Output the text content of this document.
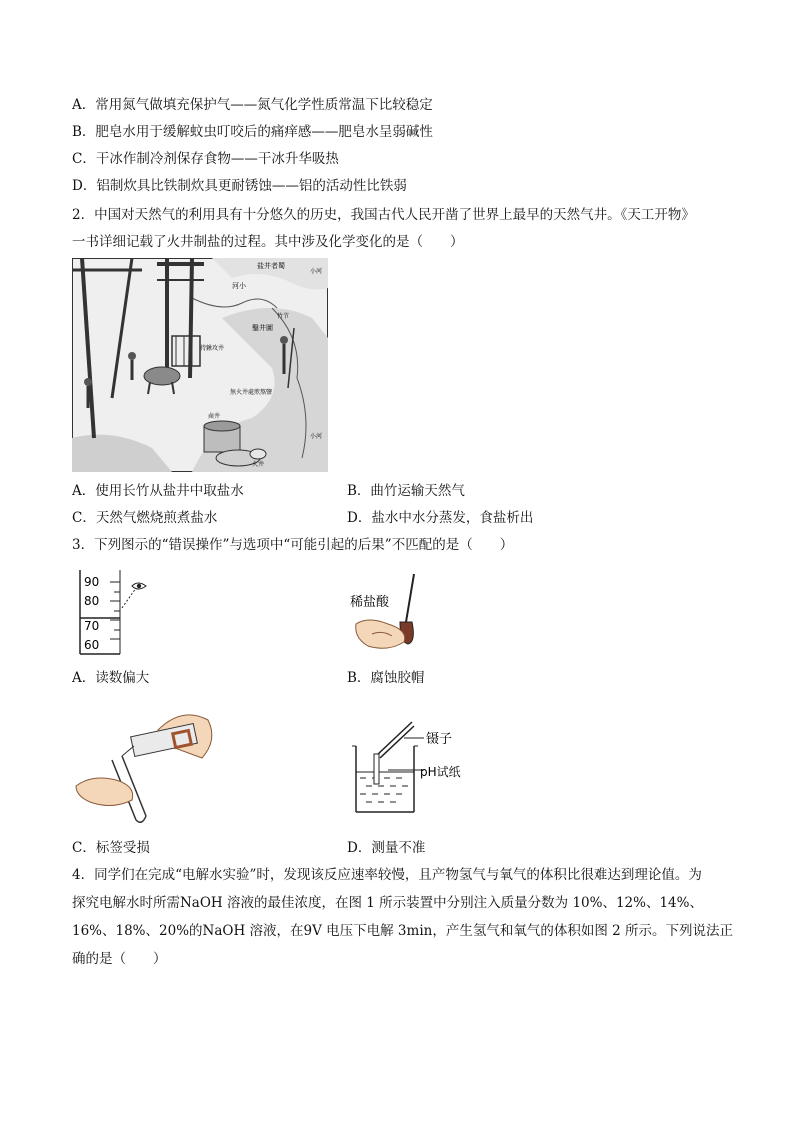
A．常用氮气做填充保护气——氮气化学性质常温下比较稳定
B．肥皂水用于缓解蚊虫叮咬后的痛痒感——肥皂水呈弱碱性
C．干冰作制冷剂保存食物——干冰升华吸热
D．铝制炊具比铁制炊具更耐锈蚀——铝的活动性比铁弱
2．中国对天然气的利用具有十分悠久的历史，我国古代人民开凿了世界上最早的天然气井。《天工开物》
一书详细记载了火井制盐的过程。其中涉及化学变化的是（　　）
盐井者蜀
河小
小河
小河
竹节
鑿井圖
持鍬攻井
無火井處煎熬鹽
鹵井
火井
A．使用长竹从盐井中取盐水	B．曲竹运输天然气
C．天然气燃烧煎煮盐水	D．盐水中水分蒸发，食盐析出
3．下列图示的“错误操作”与选项中“可能引起的后果”不匹配的是（　　）
90
80
70
60
稀盐酸
A．读数偏大	B．腐蚀胶帽
镊子
pH试纸
C．标签受损	D．测量不准
4．同学们在完成“电解水实验”时，发现该反应速率较慢，且产物氢气与氧气的体积比很难达到理论值。为
探究电解水时所需NaOH 溶液的最佳浓度，在图 1 所示装置中分别注入质量分数为 10%、12%、14%、
16%、18%、20%的NaOH 溶液，在9V 电压下电解 3min，产生氢气和氧气的体积如图 2 所示。下列说法正
确的是（　　）
